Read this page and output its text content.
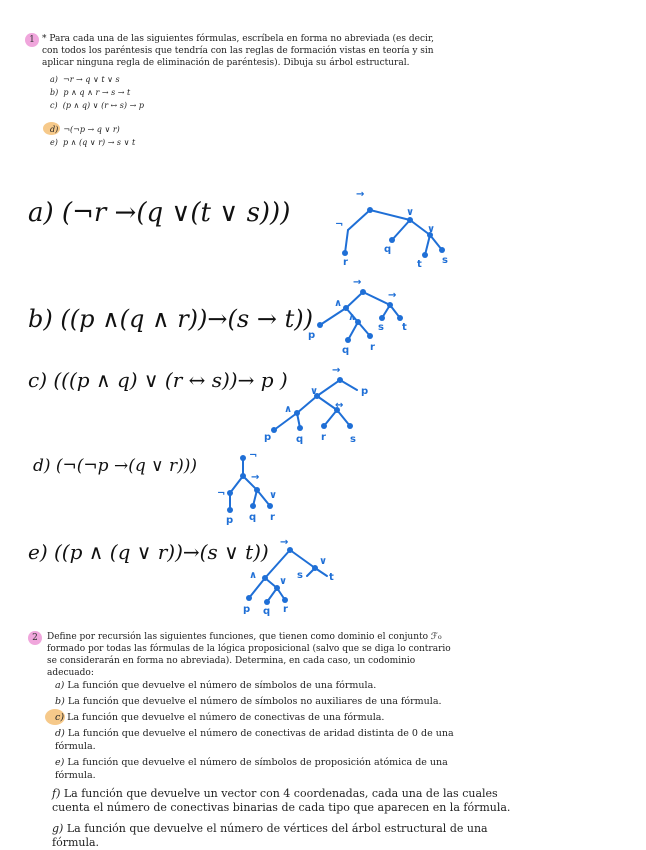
1 * Para cada una de las siguientes fórmulas, escríbela en forma no abreviada (es decir, con todos los paréntesis que tendría con las reglas de formación vistas en teoría y sin aplicar ninguna regla de eliminación de paréntesis). Dibuja su árbol estructural.
a) ¬r → q ∨ t ∨ s
b) p ∧ q ∧ r → s → t
c) (p ∧ q) ∨ (r ↔ s) → p
d) ¬(¬p → q ∨ r)
e) p ∧ (q ∨ r) → s ∨ t
a) (¬r →(q ∨(t ∨ s)))
→
¬
∨
∨
r
q
t s
b) ((p ∧(q ∧ r))→(s → t))
→
∧
→
∧
p
q r
s t
c) (((p ∧ q) ∨ (r ↔ s))→ p )	→
∨	p
∧	↔
p q r s
d) (¬(¬p →(q ∨ r)))
¬
→
¬	∨
p q r
e) ((p ∧ (q ∨ r))→(s ∨ t)) →
∧
∨
∨
p q r
s	t
2	Define por recursión las siguientes funciones, que tienen como dominio el conjunto ℱ₀ formado por todas las fórmulas de la lógica proposicional (salvo que se diga lo contrario se considerarán en forma no abreviada). Determina, en cada caso, un codominio adecuado:
a) La función que devuelve el número de símbolos de una fórmula.
b) La función que devuelve el número de símbolos no auxiliares de una fórmula.
c) La función que devuelve el número de conectivas de una fórmula.
d) La función que devuelve el número de conectivas de aridad distinta de 0 de una fórmula.
e) La función que devuelve el número de símbolos de proposición atómica de una fórmula.
f) La función que devuelve un vector con 4 coordenadas, cada una de las cuales cuenta el número de conectivas binarias de cada tipo que aparecen en la fórmula.
g) La función que devuelve el número de vértices del árbol estructural de una fórmula.
